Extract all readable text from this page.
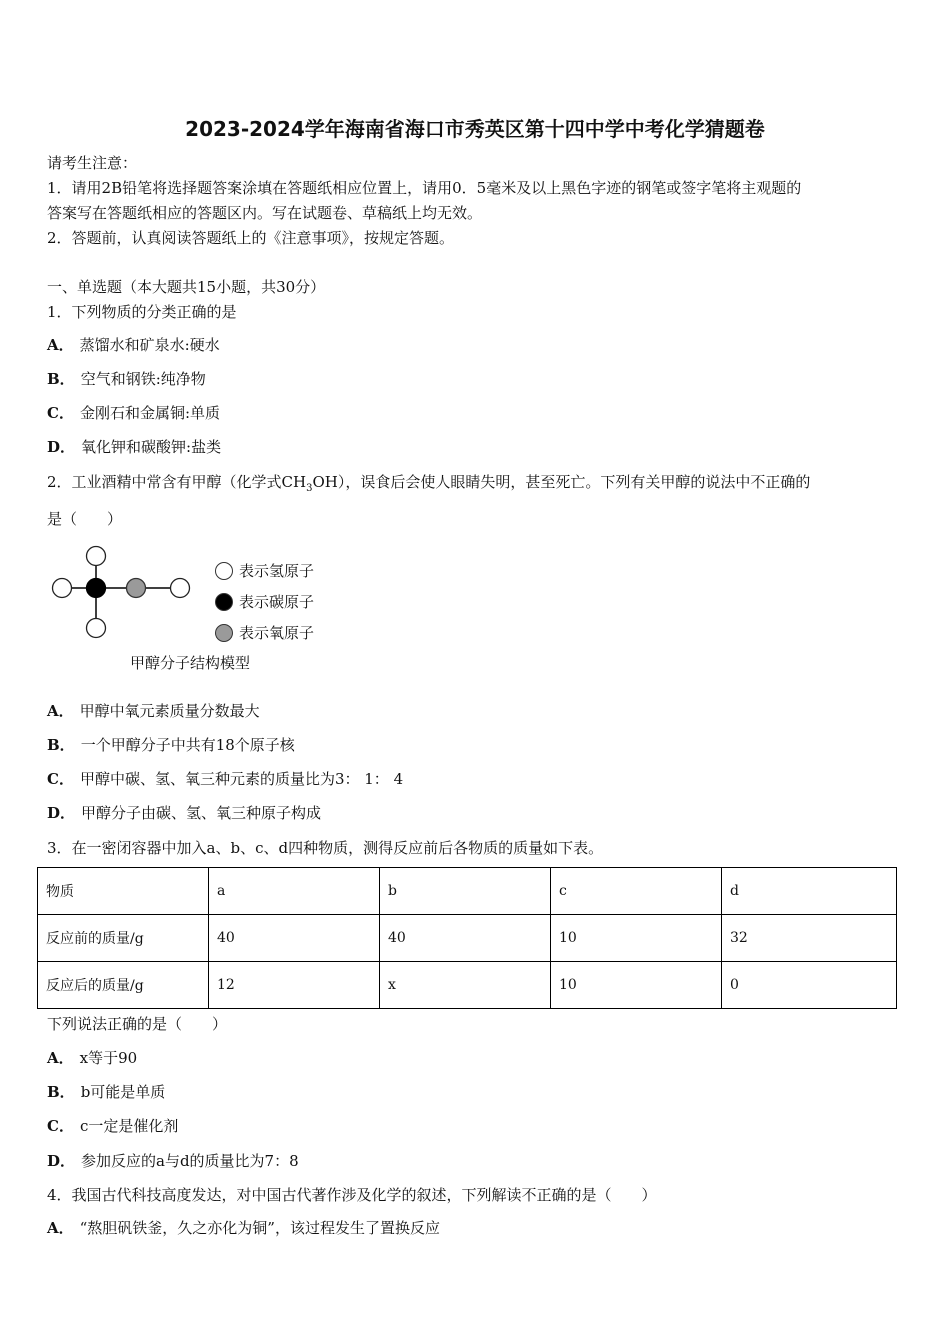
2023-2024学年海南省海口市秀英区第十四中学中考化学猜题卷
请考生注意：
1．请用2B铅笔将选择题答案涂填在答题纸相应位置上，请用0．5毫米及以上黑色字迹的钢笔或签字笔将主观题的
答案写在答题纸相应的答题区内。写在试题卷、草稿纸上均无效。
2．答题前，认真阅读答题纸上的《注意事项》，按规定答题。
一、单选题（本大题共15小题，共30分）
1．下列物质的分类正确的是
A． 蒸馏水和矿泉水:硬水
B． 空气和钢铁:纯净物
C． 金刚石和金属铜:单质
D． 氧化钾和碳酸钾:盐类
2．工业酒精中常含有甲醇（化学式$CH_3OH$），误食后会使人眼睛失明，甚至死亡。下列有关甲醇的说法中不正确的
是（　　）
表示氢原子
表示碳原子
表示氧原子
甲醇分子结构模型
A． 甲醇中氧元素质量分数最大
B． 一个甲醇分子中共有18个原子核
C． 甲醇中碳、氢、氧三种元素的质量比为3： 1： 4
D． 甲醇分子由碳、氢、氧三种原子构成
3．在一密闭容器中加入a、b、c、d四种物质，测得反应前后各物质的质量如下表。
物质	a	b	c	d
反应前的质量/g	40	40	10	32
反应后的质量/g	12	x	10	0
下列说法正确的是（　　）
A． x等于90
B． b可能是单质
C． c一定是催化剂
D． 参加反应的a与d的质量比为7：8
4．我国古代科技高度发达，对中国古代著作涉及化学的叙述，下列解读不正确的是（　　）
A． “熬胆矾铁釜，久之亦化为铜”，该过程发生了置换反应
